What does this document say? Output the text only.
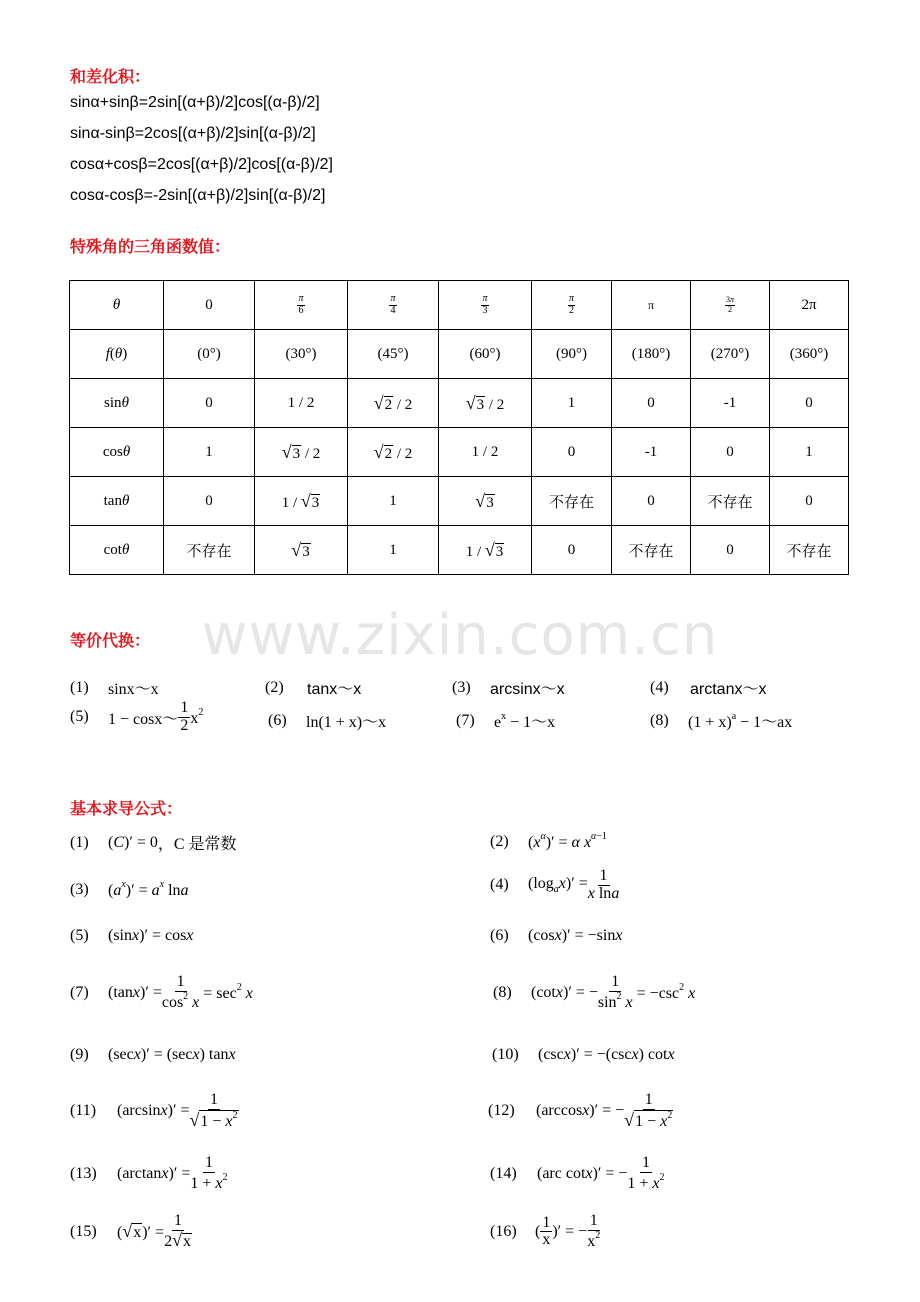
和差化积：
sinα+sinβ=2sin[(α+β)/2]cos[(α-β)/2]
sinα-sinβ=2cos[(α+β)/2]sin[(α-β)/2]
cosα+cosβ=2cos[(α+β)/2]cos[(α-β)/2]
cosα-cosβ=-2sin[(α+β)/2]sin[(α-β)/2]
特殊角的三角函数值：
θ	0	$\frac{\pi}{6}$	$\frac{\pi}{4}$	$\frac{\pi}{3}$	$\frac{\pi}{2}$	π	$\frac{3\pi}{2}$	2π
f(θ)	(0°)	(30°)	(45°)	(60°)	(90°)	(180°)	(270°)	(360°)
sinθ	0	1 / 2	√2 / 2	√3 / 2	1	0	-1	0
cosθ	1	√3 / 2	√2 / 2	1 / 2	0	-1	0	1
tanθ	0	1 / √3	1	√3	不存在	0	不存在	0
cotθ	不存在	√3	1	1 / √3	0	不存在	0	不存在
www.zixin.com.cn
等价代换：
(1)	sinx～x	(2)	tanx～x	(3)	arcsinx～x	(4)	arctanx～x
(5)	1 − cosx～ $\frac{1}{2} x^2$	(6)	ln(1 + x)～x	(7)	$e^x$ − 1～x	(8)	$(1 + x)^a$ − 1～ax
基本求导公式：
(1)	(C)′ = 0 ，C 是常数	(2)	$(x^\alpha)' = \alpha$ $x^{\alpha-1}$
(3)	$(a^x)' = a^x$ lna	(4)	$(\log_ax)' = \frac{1}{\text{x lna}}$
(5)	(sinx)′ = cosx	(6)	(cosx)′ = −sinx
(7)	$(\tan x)' = \frac{1}{\cos^2 x} = \sec^2 x$	(8)	(cotx)′ = − $\frac{1}{\sin^2 x} = -\csc^2$ x
(9)	(secx)′ = (secx) tanx	(10)	(cscx)′ = −(cscx) cotx
(11)	$(\arcsin x)' = \frac{1}{√1 - x^2}$	(12)	(arccosx)′ = − $\frac{1}{√1 - x^2}$
(13)	$(\arctan x)' = \frac{1}{1 + x^2}$	(14)	(arc cotx)′ = − $\frac{1}{1 + x^2}$
(15)	$(√x)' = \frac{1}{2√x}$	(16)	( $\frac{1}{x}$ )′ = − $\frac{1}{x^2}$
